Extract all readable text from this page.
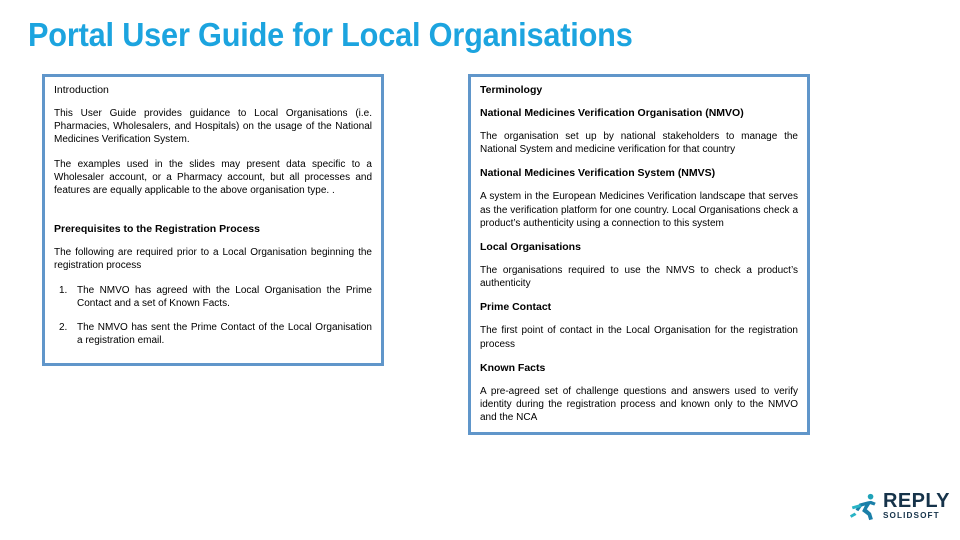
Portal User Guide for Local Organisations
Introduction

This User Guide provides guidance to Local Organisations (i.e. Pharmacies, Wholesalers, and Hospitals) on the usage of the National Medicines Verification System.

The examples used in the slides may present data specific to a Wholesaler account, or a Pharmacy account, but all processes and features are equally applicable to the above organisation type. .

Prerequisites to the Registration Process

The following are required prior to a Local Organisation beginning the registration process

1. The NMVO has agreed with the Local Organisation the Prime Contact and a set of Known Facts.
2. The NMVO has sent the Prime Contact of the Local Organisation a registration email.
Terminology
National Medicines Verification Organisation (NMVO)

The organisation set up by national stakeholders to manage the National System and medicine verification for that country

National Medicines Verification System (NMVS)

A system in the European Medicines Verification landscape that serves as the verification platform for one country. Local Organisations check a product’s authenticity using a connection to this system

Local Organisations

The organisations required to use the NMVS to check a product’s authenticity

Prime Contact

The first point of contact in the Local Organisation for the registration process

Known Facts

A pre-agreed set of challenge questions and answers used to verify identity during the registration process and known only to the NMVO and the NCA

REPLY
SOLIDSOFT
